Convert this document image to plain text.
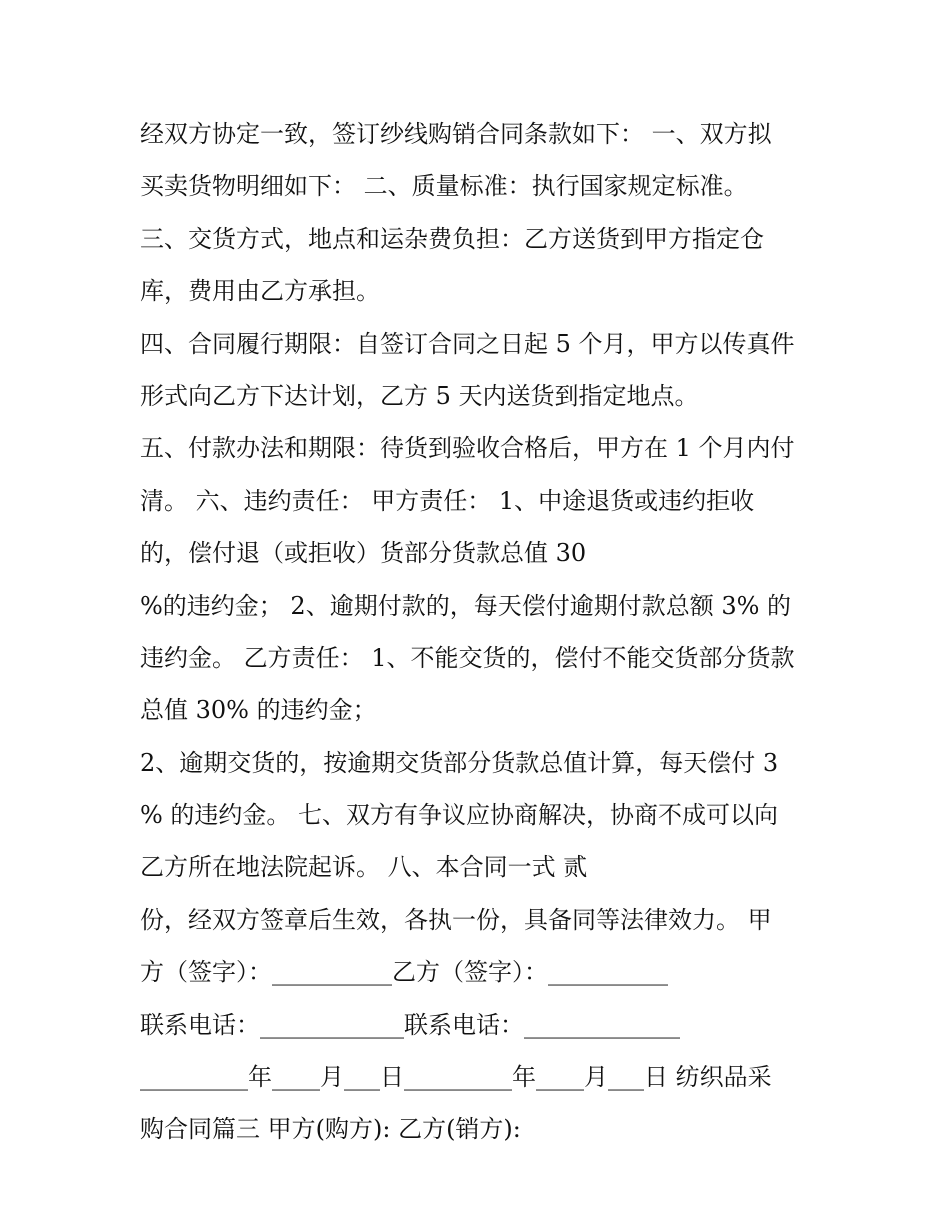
经双方协定一致，签订纱线购销合同条款如下： 一、双方拟
买卖货物明细如下： 二、质量标准：执行国家规定标准。
三、交货方式，地点和运杂费负担：乙方送货到甲方指定仓
库，费用由乙方承担。
四、合同履行期限：自签订合同之日起 5 个月，甲方以传真件
形式向乙方下达计划，乙方 5 天内送货到指定地点。
五、付款办法和期限：待货到验收合格后，甲方在 1 个月内付
清。 六、违约责任： 甲方责任： 1、中途退货或违约拒收
的，偿付退（或拒收）货部分货款总值 30
%的违约金； 2、逾期付款的，每天偿付逾期付款总额 3% 的
违约金。 乙方责任： 1、不能交货的，偿付不能交货部分货款
总值 30% 的违约金；
2、逾期交货的，按逾期交货部分货款总值计算，每天偿付 3
% 的违约金。 七、双方有争议应协商解决，协商不成可以向
乙方所在地法院起诉。 八、本合同一式 贰
份，经双方签章后生效，各执一份，具备同等法律效力。 甲
方（签字）：__________乙方（签字）：__________
联系电话：____________联系电话：_____________
_________年____月___日_________年____月___日 纺织品采
购合同篇三 甲方(购方): 乙方(销方):
